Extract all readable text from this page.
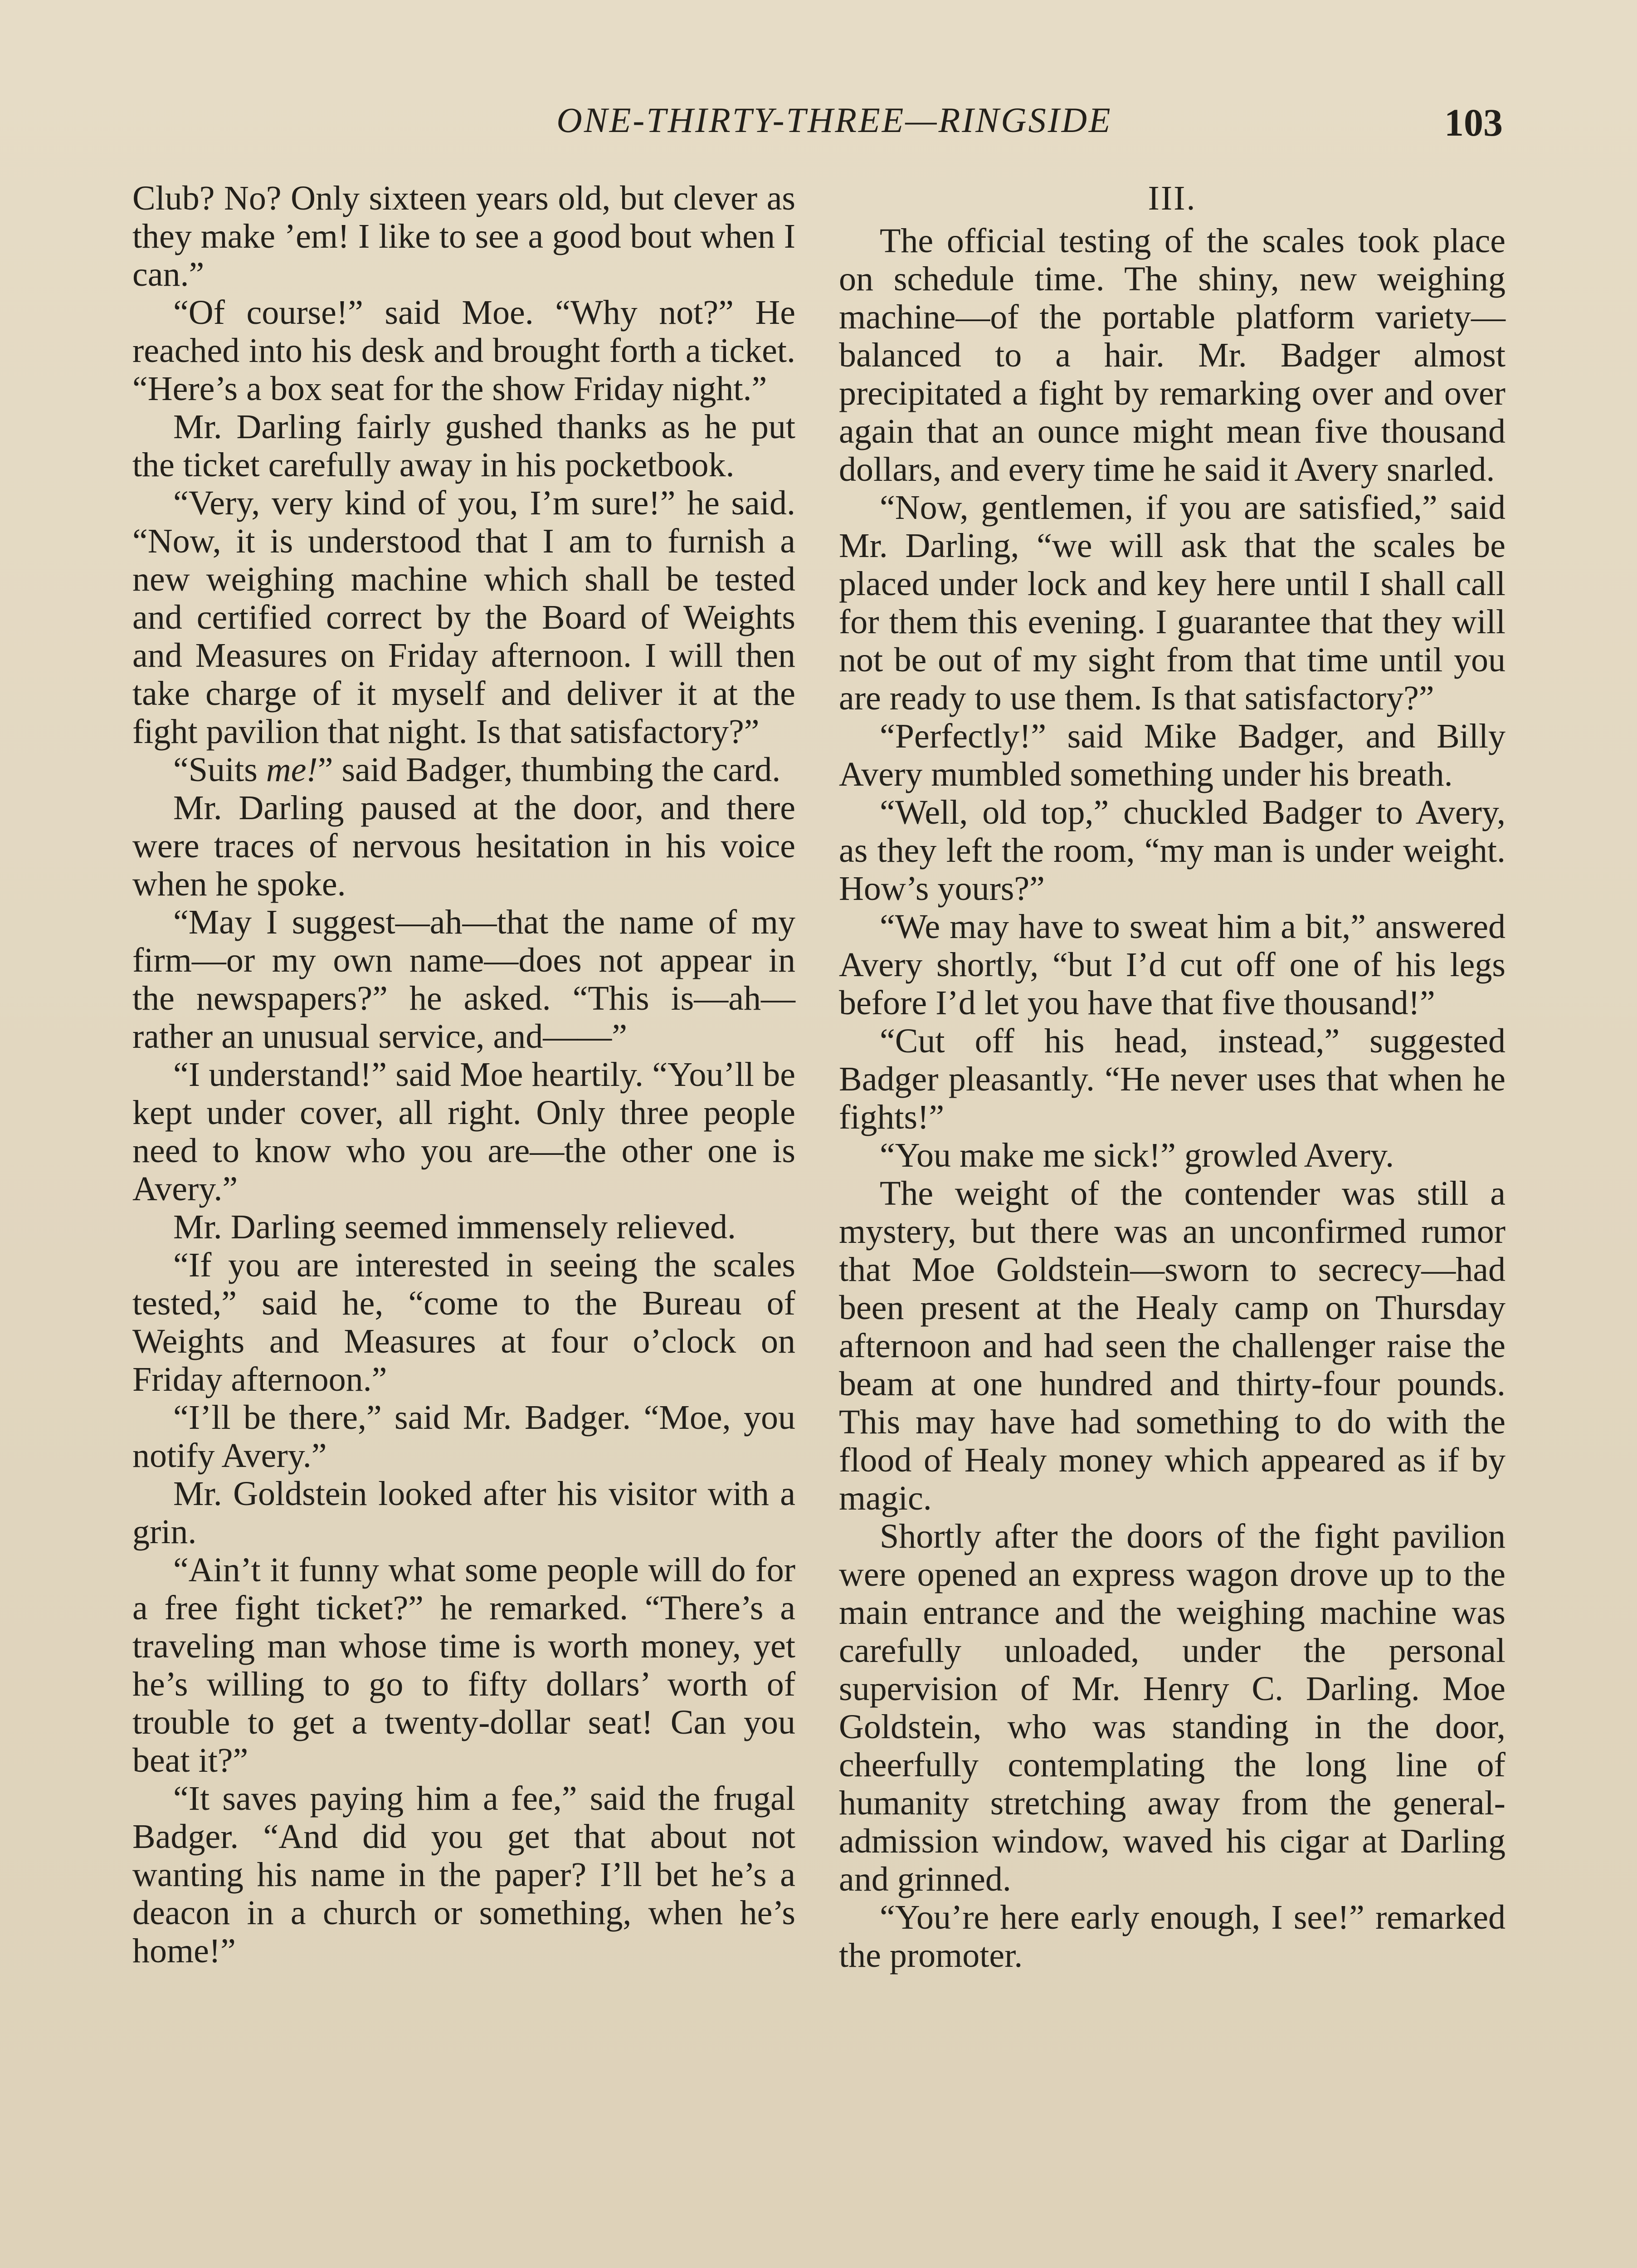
ONE-THIRTY-THREE—RINGSIDE	103

Club? No? Only sixteen years old, but clever as they make ’em! I like to see a good bout when I can.”

“Of course!” said Moe. “Why not?” He reached into his desk and brought forth a ticket. “Here’s a box seat for the show Friday night.”

Mr. Darling fairly gushed thanks as he put the ticket carefully away in his pocketbook.

“Very, very kind of you, I’m sure!” he said. “Now, it is understood that I am to furnish a new weighing machine which shall be tested and certified correct by the Board of Weights and Measures on Friday afternoon. I will then take charge of it myself and deliver it at the fight pavilion that night. Is that satisfactory?”

“Suits me!” said Badger, thumbing the card.

Mr. Darling paused at the door, and there were traces of nervous hesitation in his voice when he spoke.

“May I suggest—ah—that the name of my firm—or my own name—does not appear in the newspapers?” he asked. “This is—ah—rather an unusual service, and——”

“I understand!” said Moe heartily. “You’ll be kept under cover, all right. Only three people need to know who you are—the other one is Avery.”

Mr. Darling seemed immensely relieved.

“If you are interested in seeing the scales tested,” said he, “come to the Bureau of Weights and Measures at four o’clock on Friday afternoon.”

“I’ll be there,” said Mr. Badger. “Moe, you notify Avery.”

Mr. Goldstein looked after his visitor with a grin.

“Ain’t it funny what some people will do for a free fight ticket?” he remarked. “There’s a traveling man whose time is worth money, yet he’s willing to go to fifty dollars’ worth of trouble to get a twenty-dollar seat! Can you beat it?”

“It saves paying him a fee,” said the frugal Badger. “And did you get that about not wanting his name in the paper? I’ll bet he’s a deacon in a church or something, when he’s home!”

III.

The official testing of the scales took place on schedule time. The shiny, new weighing machine—of the portable platform variety—balanced to a hair. Mr. Badger almost precipitated a fight by remarking over and over again that an ounce might mean five thousand dollars, and every time he said it Avery snarled.

“Now, gentlemen, if you are satisfied,” said Mr. Darling, “we will ask that the scales be placed under lock and key here until I shall call for them this evening. I guarantee that they will not be out of my sight from that time until you are ready to use them. Is that satisfactory?”

“Perfectly!” said Mike Badger, and Billy Avery mumbled something under his breath.

“Well, old top,” chuckled Badger to Avery, as they left the room, “my man is under weight. How’s yours?”

“We may have to sweat him a bit,” answered Avery shortly, “but I’d cut off one of his legs before I’d let you have that five thousand!”

“Cut off his head, instead,” suggested Badger pleasantly. “He never uses that when he fights!”

“You make me sick!” growled Avery.

The weight of the contender was still a mystery, but there was an unconfirmed rumor that Moe Goldstein—sworn to secrecy—had been present at the Healy camp on Thursday afternoon and had seen the challenger raise the beam at one hundred and thirty-four pounds. This may have had something to do with the flood of Healy money which appeared as if by magic.

Shortly after the doors of the fight pavilion were opened an express wagon drove up to the main entrance and the weighing machine was carefully unloaded, under the personal supervision of Mr. Henry C. Darling. Moe Goldstein, who was standing in the door, cheerfully contemplating the long line of humanity stretching away from the general-admission window, waved his cigar at Darling and grinned.

“You’re here early enough, I see!” remarked the promoter.
